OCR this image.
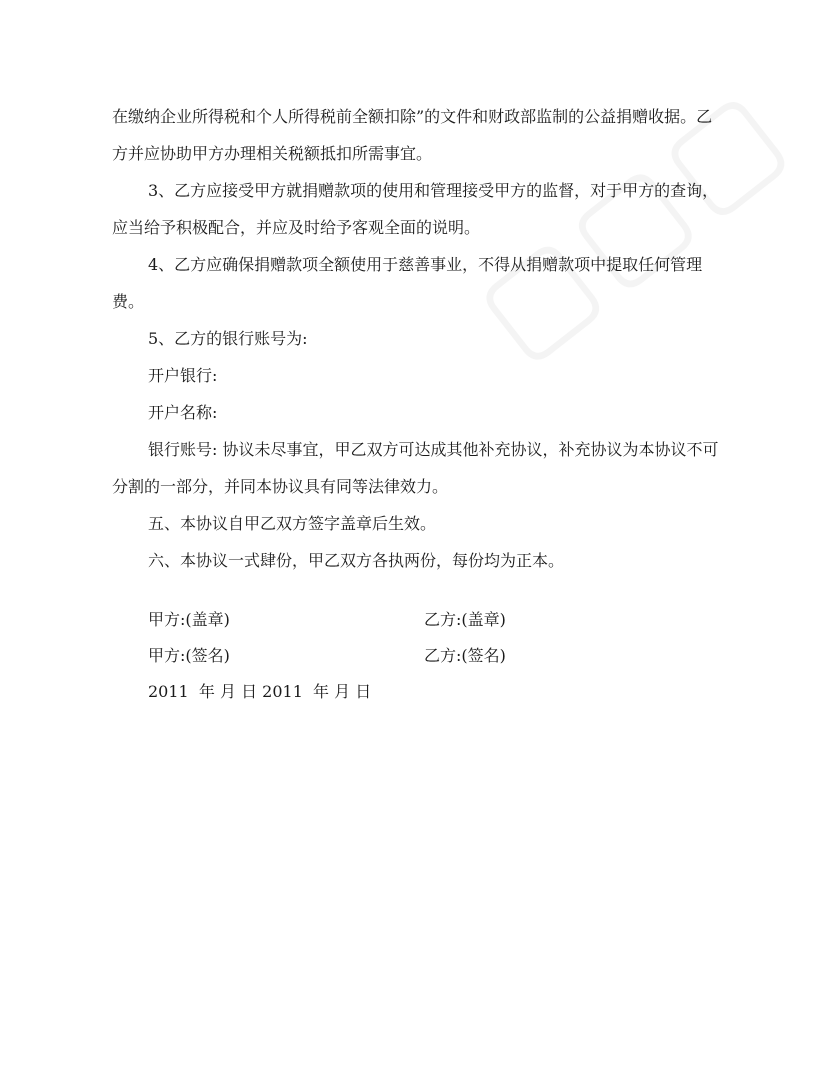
在缴纳企业所得税和个人所得税前全额扣除”的文件和财政部监制的公益捐赠收据。乙方并应协助甲方办理相关税额抵扣所需事宜。

3、乙方应接受甲方就捐赠款项的使用和管理接受甲方的监督，对于甲方的查询，应当给予积极配合，并应及时给予客观全面的说明。

4、乙方应确保捐赠款项全额使用于慈善事业，不得从捐赠款项中提取任何管理费。

5、乙方的银行账号为:

开户银行:

开户名称:

银行账号: 协议未尽事宜，甲乙双方可达成其他补充协议，补充协议为本协议不可分割的一部分，并同本协议具有同等法律效力。

五、本协议自甲乙双方签字盖章后生效。

六、本协议一式肆份，甲乙双方各执两份，每份均为正本。

甲方:(盖章)	乙方:(盖章)
甲方:(签名)	乙方:(签名)
2011  年 月 日 2011  年 月 日
